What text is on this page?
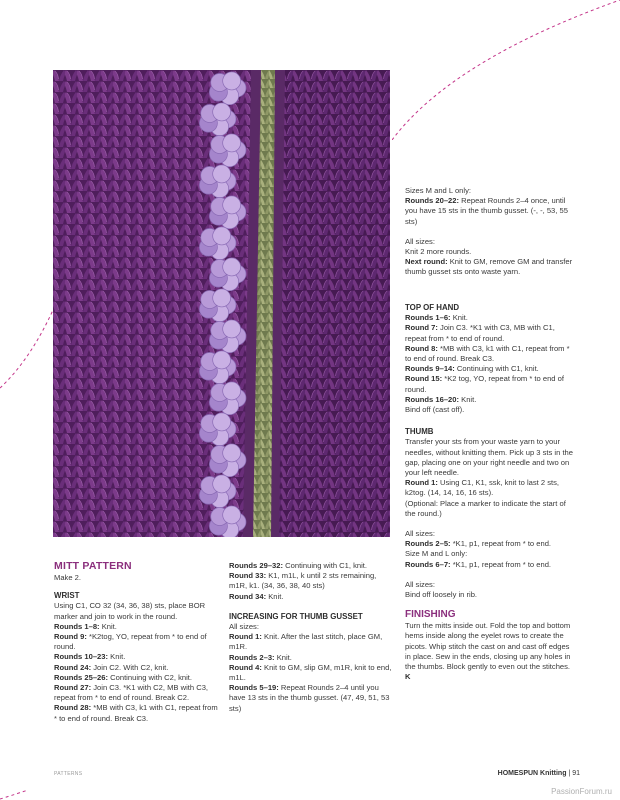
Sizes M and L only:

Rounds 20–22: Repeat Rounds 2–4 once, until you have 15 sts in the thumb gusset. (-, -, 53, 55 sts)

All sizes:

Knit 2 more rounds.

Next round: Knit to GM, remove GM and transfer thumb gusset sts onto waste yarn.

TOP OF HAND

Rounds 1–6: Knit.

Round 7: Join C3. *K1 with C3, MB with C1, repeat from * to end of round.

Round 8: *MB with C3, k1 with C1, repeat from * to end of round. Break C3.

Rounds 9–14: Continuing with C1, knit.

Round 15: *K2 tog, YO, repeat from * to end of round.

Rounds 16–20: Knit.

Bind off (cast off).

THUMB

Transfer your sts from your waste yarn to your needles, without knitting them. Pick up 3 sts in the gap, placing one on your right needle and two on your left needle.

Round 1: Using C1, K1, ssk, knit to last 2 sts, k2tog. (14, 14, 16, 16 sts).

(Optional: Place a marker to indicate the start of the round.)

All sizes:

Rounds 2–5: *K1, p1, repeat from * to end.

Size M and L only:

Rounds 6–7: *K1, p1, repeat from * to end.

All sizes:

Bind off loosely in rib.

FINISHING

Turn the mitts inside out. Fold the top and bottom hems inside along the eyelet rows to create the picots. Whip stitch the cast on and cast off edges in place. Sew in the ends, closing up any holes in the thumbs. Block gently to even out the stitches. K

MITT PATTERN

Make 2.

WRIST

Using C1, CO 32 (34, 36, 38) sts, place BOR marker and join to work in the round.

Rounds 1–8: Knit.

Round 9: *K2tog, YO, repeat from * to end of round.

Rounds 10–23: Knit.

Round 24: Join C2. With C2, knit.

Rounds 25–26: Continuing with C2, knit.

Round 27: Join C3. *K1 with C2, MB with C3, repeat from * to end of round. Break C2.

Round 28: *MB with C3, k1 with C1, repeat from * to end of round. Break C3.

Rounds 29–32: Continuing with C1, knit.

Round 33: K1, m1L, k until 2 sts remaining, m1R, k1. (34, 36, 38, 40 sts)

Round 34: Knit.

INCREASING FOR THUMB GUSSET

All sizes:

Round 1: Knit. After the last stitch, place GM, m1R.

Rounds 2–3: Knit.

Round 4: Knit to GM, slip GM, m1R, knit to end, m1L.

Rounds 5–19: Repeat Rounds 2–4 until you have 13 sts in the thumb gusset. (47, 49, 51, 53 sts)

PATTERNS	HOMESPUN Knitting | 91
PassionForum.ru
